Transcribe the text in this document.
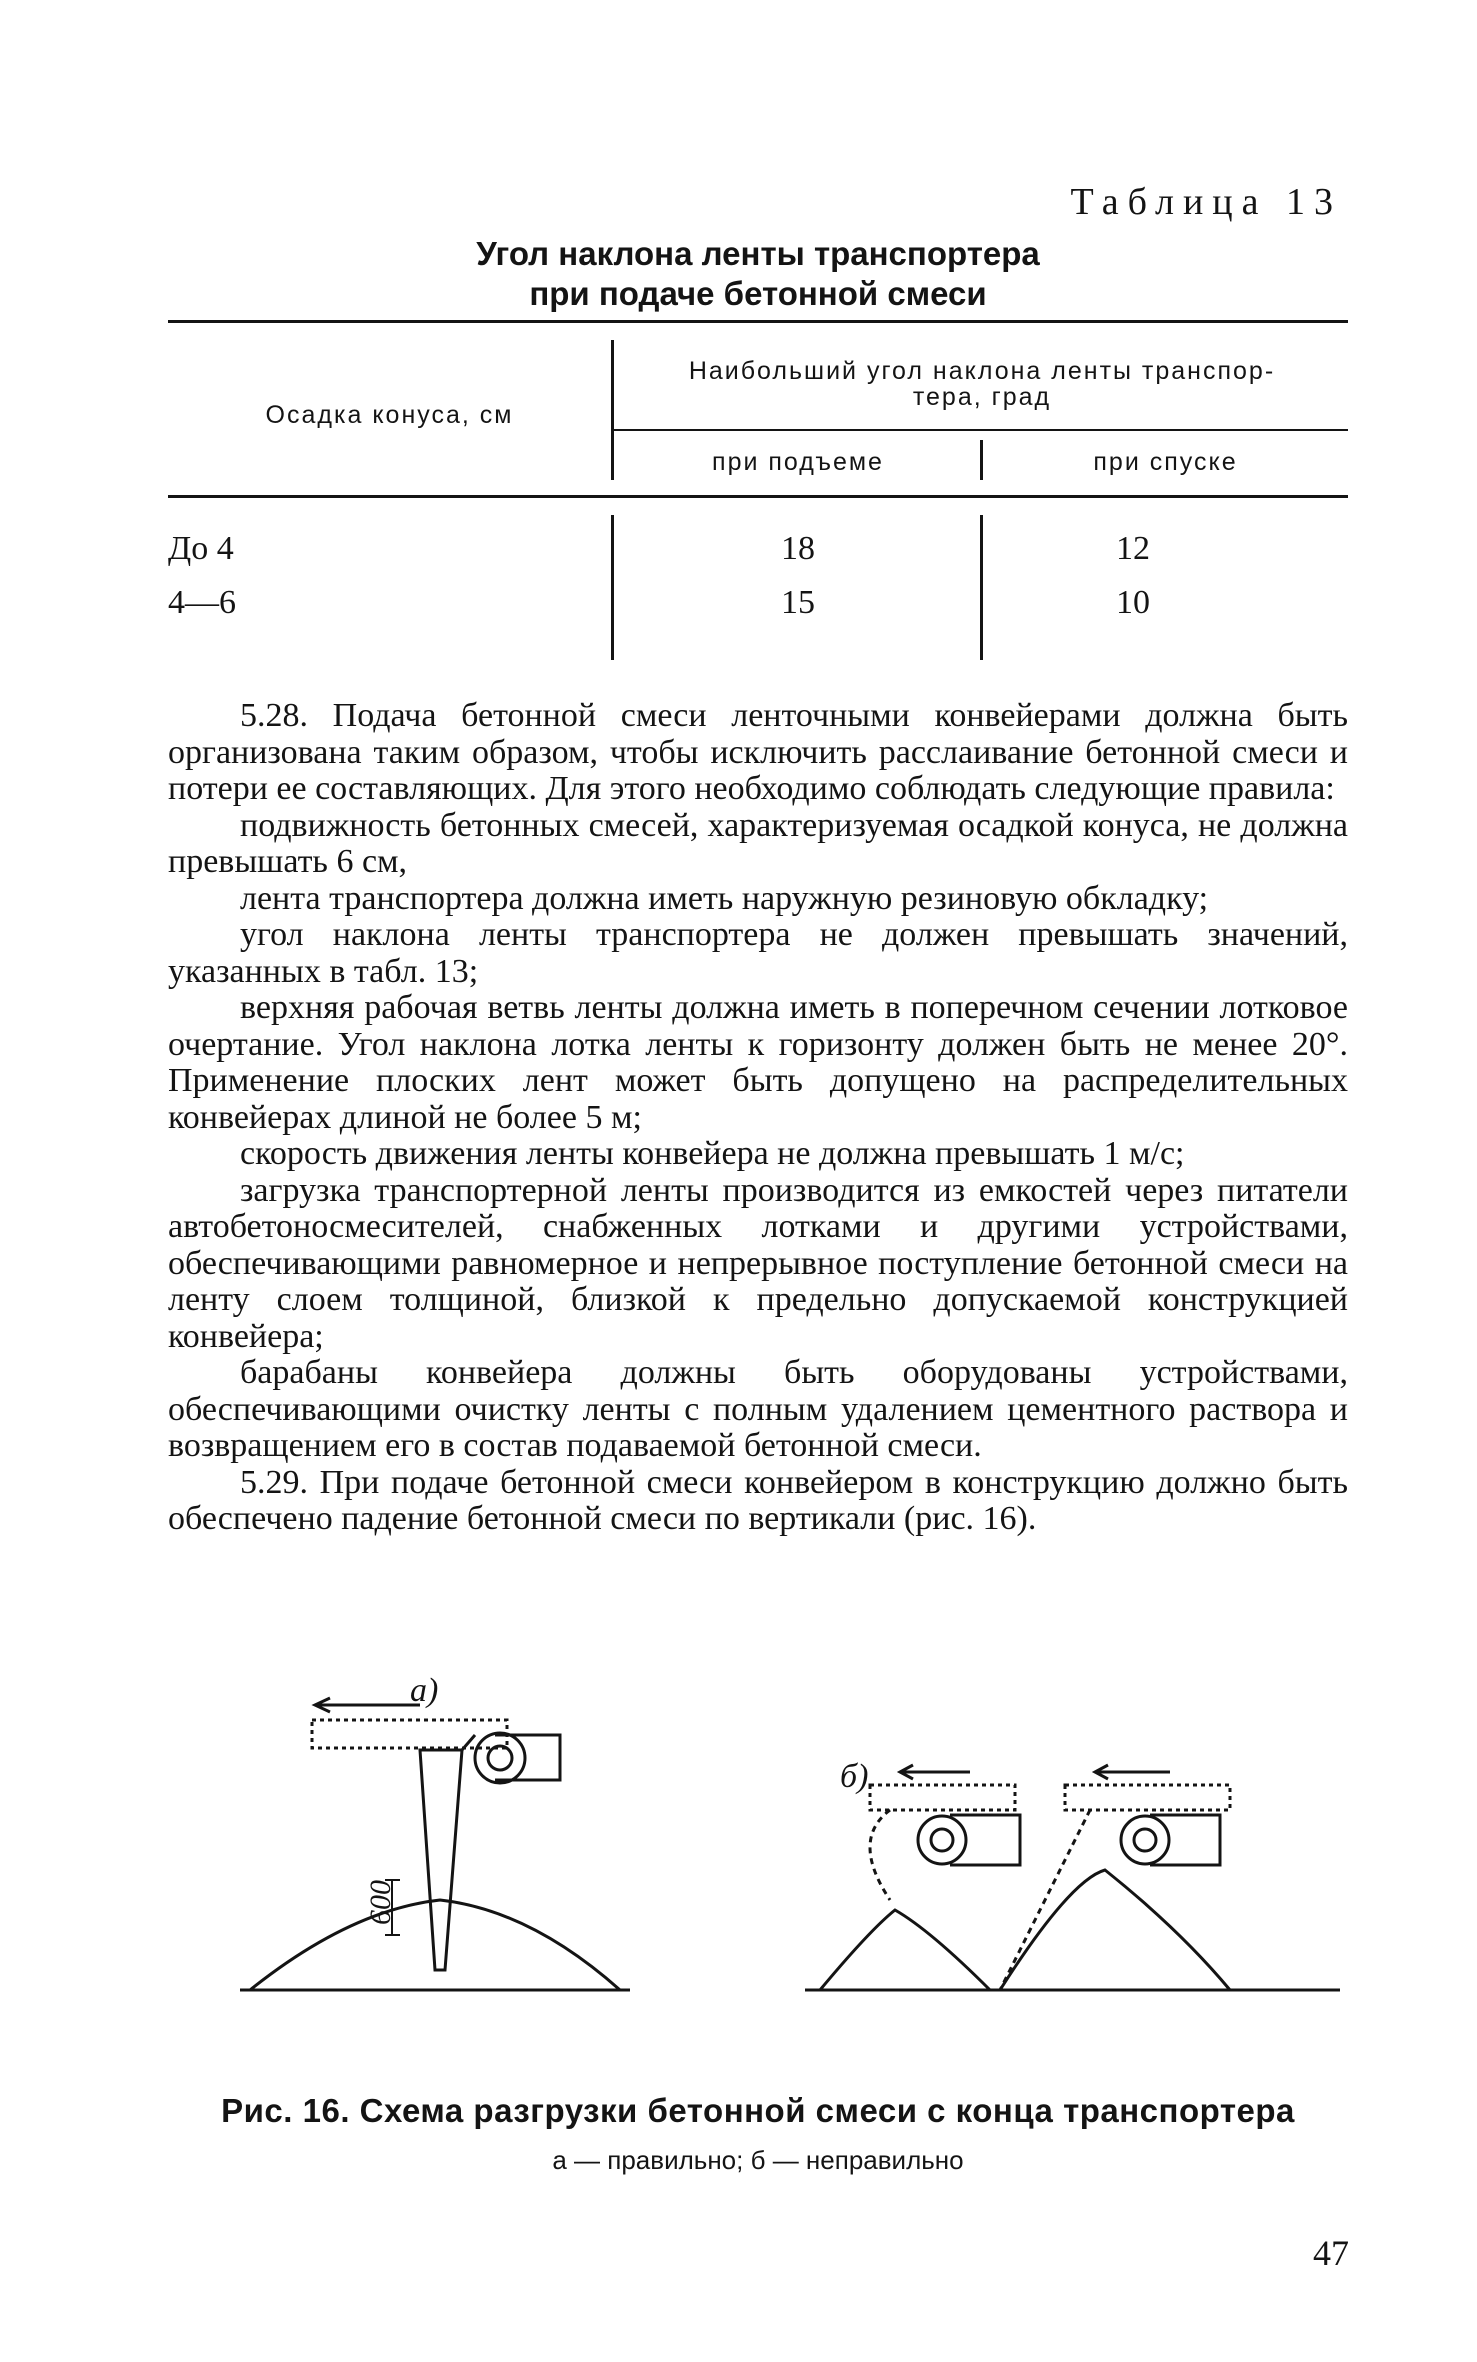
Таблица 13
Угол наклона ленты транспортера
при подаче бетонной смеси
Осадка конуса, см
Наибольший угол наклона ленты транспор-
тера, град
при подъеме	при спуске
До 4	18	12
4—6	15	10

5.28. Подача бетонной смеси ленточными конвейерами должна быть организована таким образом, чтобы исключить расслаивание бетонной смеси и потери ее составляющих. Для этого необходимо соблюдать следующие правила:

подвижность бетонных смесей, характеризуемая осадкой конуса, не должна превышать 6 см,

лента транспортера должна иметь наружную резиновую обкладку;

угол наклона ленты транспортера не должен превышать значений, указанных в табл. 13;

верхняя рабочая ветвь ленты должна иметь в поперечном сечении лотковое очертание. Угол наклона лотка ленты к горизонту должен быть не менее 20°. Применение плоских лент может быть допущено на распределительных конвейерах длиной не более 5 м;

скорость движения ленты конвейера не должна превышать 1 м/с;

загрузка транспортерной ленты производится из емкостей через питатели автобетоносмесителей, снабженных лотками и другими устройствами, обеспечивающими равномерное и непрерывное поступление бетонной смеси на ленту слоем толщиной, близкой к предельно допускаемой конструкцией конвейера;

барабаны конвейера должны быть оборудованы устройствами, обеспечивающими очистку ленты с полным удалением цементного раствора и возвращением его в состав подаваемой бетонной смеси.

5.29. При подаче бетонной смеси конвейером в конструкцию должно быть обеспечено падение бетонной смеси по вертикали (рис. 16).

а)
б)
600
Рис. 16. Схема разгрузки бетонной смеси с конца транспортера
а — правильно; б — неправильно
47
